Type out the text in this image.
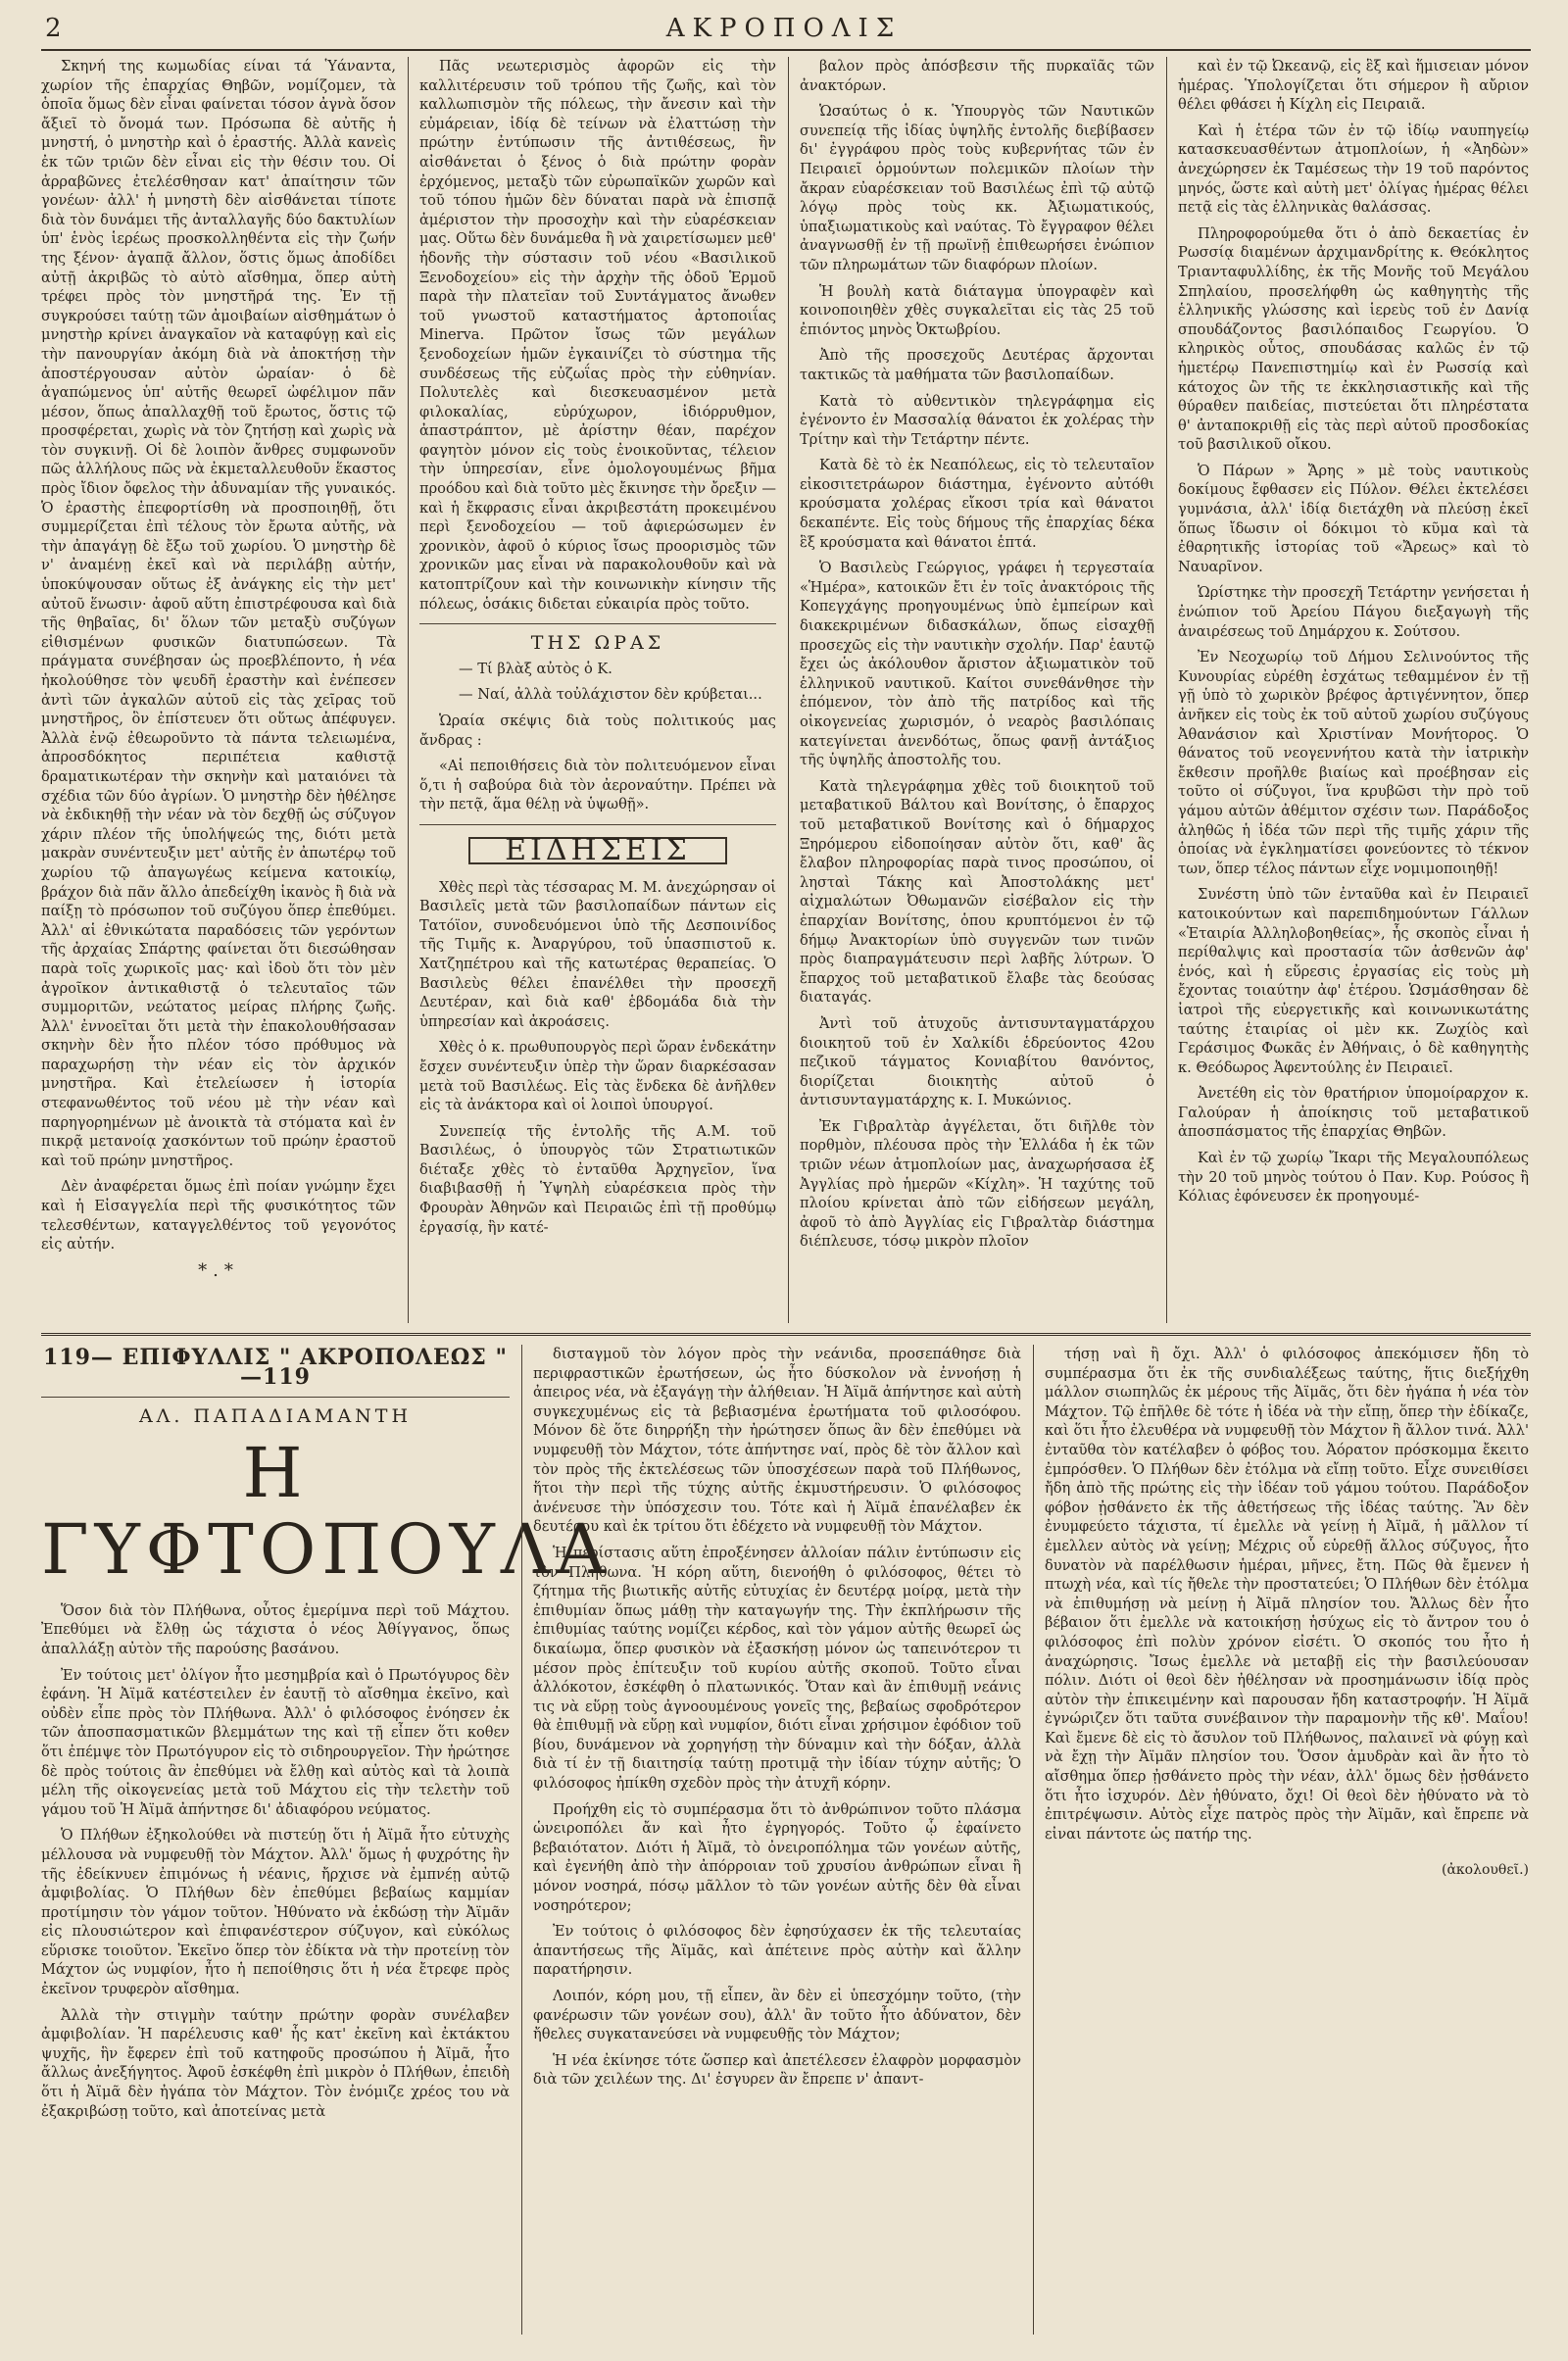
2	ΑΚΡΟΠΟΛΙΣ

Σκηνή της κωμωδίας είναι τά Ὑάναντα, χωρίον τῆς ἐπαρχίας Θηβῶν, νομίζομεν, τὰ ὁποῖα ὅμως δὲν εἶναι φαίνεται τόσον ἀγνὰ ὅσον ἄξιεῖ τὸ ὄνομά των. Πρόσωπα δὲ αὐτῆς ἡ μνηστή, ὁ μνηστὴρ καὶ ὁ ἐραστής. Ἀλλὰ κανεὶς ἐκ τῶν τριῶν δὲν εἶναι εἰς τὴν θέσιν του. Οἱ ἀρραβῶνες ἐτελέσθησαν κατ' ἀπαίτησιν τῶν γονέων· ἀλλ' ἡ μνηστὴ δὲν αἰσθάνεται τίποτε διὰ τὸν δυνάμει τῆς ἀνταλλαγῆς δύο δακτυλίων ὑπ' ἑνὸς ἱερέως προσκολληθέντα εἰς τὴν ζωήν της ξένον· ἀγαπᾷ ἄλλον, ὅστις ὅμως ἀποδίδει αὐτῇ ἀκριβῶς τὸ αὐτὸ αἴσθημα, ὅπερ αὐτὴ τρέφει πρὸς τὸν μνηστῆρά της. Ἐν τῇ συγκρούσει ταύτῃ τῶν ἀμοιβαίων αἰσθημάτων ὁ μνηστὴρ κρίνει ἀναγκαῖον νὰ καταφύγῃ καὶ εἰς τὴν πανουργίαν ἀκόμη διὰ νὰ ἀποκτήσῃ τὴν ἀποστέργουσαν αὐτὸν ὡραίαν· ὁ δὲ ἀγαπώμενος ὑπ' αὐτῆς θεωρεῖ ὠφέλιμον πᾶν μέσον, ὅπως ἀπαλλαχθῇ τοῦ ἔρωτος, ὅστις τῷ προσφέρεται, χωρὶς νὰ τὸν ζητήσῃ καὶ χωρὶς νὰ τὸν συγκινῇ. Οἱ δὲ λοιπὸν ἄνθρες συμφωνοῦν πῶς ἀλλήλους πῶς νὰ ἐκμεταλλευθοῦν ἕκαστος πρὸς ἴδιον ὄφελος τὴν ἀδυναμίαν τῆς γυναικός. Ὁ ἐραστὴς ἐπεφορτίσθη νὰ προσποιηθῇ, ὅτι συμμερίζεται ἐπὶ τέλους τὸν ἔρωτα αὐτῆς, νὰ τὴν ἀπαγάγῃ δὲ ἔξω τοῦ χωρίου. Ὁ μνηστὴρ δὲ ν' ἀναμένῃ ἐκεῖ καὶ νὰ περιλάβῃ αὐτήν, ὑποκύψουσαν οὕτως ἐξ ἀνάγκης εἰς τὴν μετ' αὐτοῦ ἕνωσιν· ἀφοῦ αὕτη ἐπιστρέφουσα καὶ διὰ τῆς θηβαῖας, δι' ὅλων τῶν μεταξὺ συζύγων εἰθισμένων φυσικῶν διατυπώσεων. Τὰ πράγματα συνέβησαν ὡς προεβλέποντο, ἡ νέα ἠκολούθησε τὸν ψευδῆ ἐραστὴν καὶ ἐνέπεσεν ἀντὶ τῶν ἀγκαλῶν αὐτοῦ εἰς τὰς χεῖρας τοῦ μνηστῆρος, ὃν ἐπίστευεν ὅτι οὕτως ἀπέφυγεν. Ἀλλὰ ἐνῷ ἐθεωροῦντο τὰ πάντα τελειωμένα, ἀπροσδόκητος περιπέτεια καθιστᾷ δραματικωτέραν τὴν σκηνὴν καὶ ματαιόνει τὰ σχέδια τῶν δύο ἀγρίων. Ὁ μνηστὴρ δὲν ἠθέλησε νὰ ἐκδικηθῇ τὴν νέαν νὰ τὸν δεχθῇ ὡς σύζυγον χάριν πλέον τῆς ὑπολήψεώς της, διότι μετὰ μακρὰν συνέντευξιν μετ' αὐτῆς ἐν ἀπωτέρῳ τοῦ χωρίου τῷ ἀπαγωγέως κείμενα κατοικίῳ, βράχον διὰ πᾶν ἄλλο ἀπεδείχθη ἱκανὸς ἢ διὰ νὰ παίξῃ τὸ πρόσωπον τοῦ συζύγου ὅπερ ἐπεθύμει. Ἀλλ' αἱ ἐθνικώτατα παραδόσεις τῶν γερόντων τῆς ἀρχαίας Σπάρτης φαίνεται ὅτι διεσώθησαν παρὰ τοῖς χωρικοῖς μας· καὶ ἰδοὺ ὅτι τὸν μὲν ἀγροῖκον ἀντικαθιστᾷ ὁ τελευταῖος τῶν συμμοριτῶν, νεώτατος μείρας πλήρης ζωῆς. Ἀλλ' ἐννοεῖται ὅτι μετὰ τὴν ἐπακολουθήσασαν σκηνὴν δὲν ἦτο πλέον τόσο πρόθυμος νὰ παραχωρήσῃ τὴν νέαν εἰς τὸν ἀρχικόν μνηστῆρα. Καὶ ἐτελείωσεν ἡ ἱστορία στεφανωθέντος τοῦ νέου μὲ τὴν νέαν καὶ παρηγορημένων μὲ ἀνοικτὰ τὰ στόματα καὶ ἐν πικρᾷ μετανοίᾳ χασκόντων τοῦ πρώην ἐραστοῦ καὶ τοῦ πρώην μνηστῆρος.

Δὲν ἀναφέρεται ὅμως ἐπὶ ποίαν γνώμην ἔχει καὶ ἡ Εἰσαγγελία περὶ τῆς φυσικότητος τῶν τελεσθέντων, καταγγελθέντος τοῦ γεγονότος εἰς αὐτήν.

*.*

Πᾶς νεωτερισμὸς ἀφορῶν εἰς τὴν καλλιτέρευσιν τοῦ τρόπου τῆς ζωῆς, καὶ τὸν καλλωπισμὸν τῆς πόλεως, τὴν ἄνεσιν καὶ τὴν εὐμάρειαν, ἰδίᾳ δὲ τείνων νὰ ἐλαττώσῃ τὴν πρώτην ἐντύπωσιν τῆς ἀντιθέσεως, ἣν αἰσθάνεται ὁ ξένος ὁ διὰ πρώτην φορὰν ἐρχόμενος, μεταξὺ τῶν εὐρωπαϊκῶν χωρῶν καὶ τοῦ τόπου ἡμῶν δὲν δύναται παρὰ νὰ ἐπισπᾷ ἀμέριστον τὴν προσοχὴν καὶ τὴν εὐαρέσκειαν μας. Οὕτω δὲν δυνάμεθα ἢ νὰ χαιρετίσωμεν μεθ' ἡδονῆς τὴν σύστασιν τοῦ νέου «Βασιλικοῦ Ξενοδοχείου» εἰς τὴν ἀρχὴν τῆς ὁδοῦ Ἑρμοῦ παρὰ τὴν πλατεῖαν τοῦ Συντάγματος ἄνωθεν τοῦ γνωστοῦ καταστήματος ἀρτοποιΐας Minerva. Πρῶτον ἴσως τῶν μεγάλων ξενοδοχείων ἡμῶν ἐγκαινίζει τὸ σύστημα τῆς συνδέσεως τῆς εὐζωΐας πρὸς τὴν εὐθηνίαν. Πολυτελὲς καὶ διεσκευασμένον μετὰ φιλοκαλίας, εὐρύχωρον, ἰδιόρρυθμον, ἀπαστράπτον, μὲ ἀρίστην θέαν, παρέχον φαγητὸν μόνον εἰς τοὺς ἐνοικοῦντας, τέλειον τὴν ὑπηρεσίαν, εἶνε ὁμολογουμένως βῆμα προόδου καὶ διὰ τοῦτο μὲς ἔκινησε τὴν ὄρεξιν — καὶ ἡ ἔκφρασις εἶναι ἀκριβεστάτη προκειμένου περὶ ξενοδοχείου — τοῦ ἀφιερώσωμεν ἐν χρονικὸν, ἀφοῦ ὁ κύριος ἴσως προορισμὸς τῶν χρονικῶν μας εἶναι νὰ παρακολουθοῦν καὶ νὰ κατοπτρίζουν καὶ τὴν κοινωνικὴν κίνησιν τῆς πόλεως, ὁσάκις διδεται εὐκαιρία πρὸς τοῦτο.

ΤΗΣ ΩΡΑΣ

— Τί βλὰξ αὐτὸς ὁ Κ.

— Ναί, ἀλλὰ τοὐλάχιστον δὲν κρύβεται...

Ὡραία σκέψις διὰ τοὺς πολιτικούς μας ἄνδρας :

«Αἱ πεποιθήσεις διὰ τὸν πολιτευόμενον εἶναι ὅ,τι ἡ σαβούρα διὰ τὸν ἀεροναύτην. Πρέπει νὰ τὴν πετᾷ, ἅμα θέλῃ νὰ ὑψωθῇ».

ΕΙΔΗΣΕΙΣ

Χθὲς περὶ τὰς τέσσαρας Μ. Μ. ἀνεχώρησαν οἱ Βασιλεῖς μετὰ τῶν βασιλοπαίδων πάντων εἰς Τατόϊον, συνοδευόμενοι ὑπὸ τῆς Δεσποινίδος τῆς Τιμῆς κ. Ἀναργύρου, τοῦ ὑπασπιστοῦ κ. Χατζηπέτρου καὶ τῆς κατωτέρας θεραπείας. Ὁ Βασιλεὺς θέλει ἐπανέλθει τὴν προσεχῆ Δευτέραν, καὶ διὰ καθ' ἑβδομάδα διὰ τὴν ὑπηρεσίαν καὶ ἀκροάσεις.

Χθὲς ὁ κ. πρωθυπουργὸς περὶ ὥραν ἑνδεκάτην ἔσχεν συνέντευξιν ὑπὲρ τὴν ὥραν διαρκέσασαν μετὰ τοῦ Βασιλέως. Εἰς τὰς ἕνδεκα δὲ ἀνῆλθεν εἰς τὰ ἀνάκτορα καὶ οἱ λοιποὶ ὑπουργοί.

Συνεπείᾳ τῆς ἐντολῆς τῆς Α.Μ. τοῦ Βασιλέως, ὁ ὑπουργὸς τῶν Στρατιωτικῶν διέταξε χθὲς τὸ ἐνταῦθα Ἀρχηγεῖον, ἵνα διαβιβασθῇ ἡ Ὑψηλὴ εὐαρέσκεια πρὸς τὴν Φρουρὰν Ἀθηνῶν καὶ Πειραιῶς ἐπὶ τῇ προθύμῳ ἐργασίᾳ, ἣν κατέ-

βαλον πρὸς ἀπόσβεσιν τῆς πυρκαϊᾶς τῶν ἀνακτόρων.

Ὡσαύτως ὁ κ. Ὑπουργὸς τῶν Ναυτικῶν συνεπείᾳ τῆς ἰδίας ὑψηλῆς ἐντολῆς διεβίβασεν δι' ἐγγράφου πρὸς τοὺς κυβερνήτας τῶν ἐν Πειραιεῖ ὁρμούντων πολεμικῶν πλοίων τὴν ἄκραν εὐαρέσκειαν τοῦ Βασιλέως ἐπὶ τῷ αὐτῷ λόγῳ πρὸς τοὺς κκ. Ἀξιωματικούς, ὑπαξιωματικοὺς καὶ ναύτας. Τὸ ἔγγραφον θέλει ἀναγνωσθῇ ἐν τῇ πρωϊνῇ ἐπιθεωρήσει ἐνώπιον τῶν πληρωμάτων τῶν διαφόρων πλοίων.

Ἡ βουλὴ κατὰ διάταγμα ὑπογραφὲν καὶ κοινοποιηθὲν χθὲς συγκαλεῖται εἰς τὰς 25 τοῦ ἐπιόντος μηνὸς Ὀκτωβρίου.

Ἀπὸ τῆς προσεχοῦς Δευτέρας ἄρχονται τακτικῶς τὰ μαθήματα τῶν βασιλοπαίδων.

Κατὰ τὸ αὐθεντικὸν τηλεγράφημα εἰς ἐγένοντο ἐν Μασσαλίᾳ θάνατοι ἐκ χολέρας τὴν Τρίτην καὶ τὴν Τετάρτην πέντε.

Κατὰ δὲ τὸ ἐκ Νεαπόλεως, εἰς τὸ τελευταῖον εἰκοσιτετράωρον διάστημα, ἐγένοντο αὐτόθι κρούσματα χολέρας εἴκοσι τρία καὶ θάνατοι δεκαπέντε. Εἰς τοὺς δήμους τῆς ἐπαρχίας δέκα ἓξ κρούσματα καὶ θάνατοι ἑπτά.

Ὁ Βασιλεὺς Γεώργιος, γράφει ἡ τεργεσταία «Ἡμέρα», κατοικῶν ἔτι ἐν τοῖς ἀνακτόροις τῆς Κοπεγχάγης προηγουμένως ὑπὸ ἐμπείρων καὶ διακεκριμένων διδασκάλων, ὅπως εἰσαχθῇ προσεχῶς εἰς τὴν ναυτικὴν σχολήν. Παρ' ἑαυτῷ ἔχει ὡς ἀκόλουθον ἄριστον ἀξιωματικὸν τοῦ ἑλληνικοῦ ναυτικοῦ. Καίτοι συνεθάνθησε τὴν ἑπόμενον, τὸν ἀπὸ τῆς πατρίδος καὶ τῆς οἰκογενείας χωρισμόν, ὁ νεαρὸς βασιλόπαις κατεγίνεται ἀνενδότως, ὅπως φανῇ ἀντάξιος τῆς ὑψηλῆς ἀποστολῆς του.

Κατὰ τηλεγράφημα χθὲς τοῦ διοικητοῦ τοῦ μεταβατικοῦ Βάλτου καὶ Βονίτσης, ὁ ἔπαρχος τοῦ μεταβατικοῦ Βονίτσης καὶ ὁ δήμαρχος Ξηρόμερου εἰδοποίησαν αὐτὸν ὅτι, καθ' ἃς ἔλαβον πληροφορίας παρὰ τινος προσώπου, οἱ λησταὶ Τάκης καὶ Ἀποστολάκης μετ' αἰχμαλώτων Ὀθωμανῶν εἰσέβαλον εἰς τὴν ἐπαρχίαν Βονίτσης, ὁπου κρυπτόμενοι ἐν τῷ δήμῳ Ἀνακτορίων ὑπὸ συγγενῶν των τινῶν πρὸς διαπραγμάτευσιν περὶ λαβῆς λύτρων. Ὁ ἔπαρχος τοῦ μεταβατικοῦ ἔλαβε τὰς δεούσας διαταγάς.

Ἀντὶ τοῦ ἀτυχοῦς ἀντισυνταγματάρχου διοικητοῦ τοῦ ἐν Χαλκίδι ἑδρεύοντος 42ου πεζικοῦ τάγματος Κονιαβίτου θανόντος, διορίζεται διοικητὴς αὐτοῦ ὁ ἀντισυνταγματάρχης κ. Ι. Μυκώνιος.

Ἐκ Γιβραλτὰρ ἀγγέλεται, ὅτι διῆλθε τὸν πορθμὸν, πλέουσα πρὸς τὴν Ἑλλάδα ἡ ἐκ τῶν τριῶν νέων ἀτμοπλοίων μας, ἀναχωρήσασα ἐξ Ἀγγλίας πρὸ ἡμερῶν «Κίχλη». Ἡ ταχύτης τοῦ πλοίου κρίνεται ἀπὸ τῶν εἰδήσεων μεγάλη, ἀφοῦ τὸ ἀπὸ Ἀγγλίας εἰς Γιβραλτὰρ διάστημα διέπλευσε, τόσῳ μικρὸν πλοῖον

καὶ ἐν τῷ Ὠκεανῷ, εἰς ἓξ καὶ ἥμισειαν μόνον ἡμέρας. Ὑπολογίζεται ὅτι σήμερον ἢ αὔριον θέλει φθάσει ἡ Κίχλη εἰς Πειραιᾶ.

Καὶ ἡ ἑτέρα τῶν ἐν τῷ ἰδίῳ ναυπηγείῳ κατασκευασθέντων ἀτμοπλοίων, ἡ «Ἀηδὼν» ἀνεχώρησεν ἐκ Ταμέσεως τὴν 19 τοῦ παρόντος μηνός, ὥστε καὶ αὐτὴ μετ' ὀλίγας ἡμέρας θέλει πετᾷ εἰς τὰς ἑλληνικὰς θαλάσσας.

Πληροφορούμεθα ὅτι ὁ ἀπὸ δεκαετίας ἐν Ρωσσίᾳ διαμένων ἀρχιμανδρίτης κ. Θεόκλητος Τριανταφυλλίδης, ἐκ τῆς Μονῆς τοῦ Μεγάλου Σπηλαίου, προσελήφθη ὡς καθηγητὴς τῆς ἑλληνικῆς γλώσσης καὶ ἱερεὺς τοῦ ἐν Δανίᾳ σπουδάζοντος βασιλόπαιδος Γεωργίου. Ὁ κληρικὸς οὗτος, σπουδάσας καλῶς ἐν τῷ ἡμετέρῳ Πανεπιστημίῳ καὶ ἐν Ρωσσίᾳ καὶ κάτοχος ὢν τῆς τε ἐκκλησιαστικῆς καὶ τῆς θύραθεν παιδείας, πιστεύεται ὅτι πληρέστατα θ' ἀνταποκριθῇ εἰς τὰς περὶ αὐτοῦ προσδοκίας τοῦ βασιλικοῦ οἴκου.

Ὁ Πάρων » Ἄρης » μὲ τοὺς ναυτικοὺς δοκίμους ἔφθασεν εἰς Πύλον. Θέλει ἐκτελέσει γυμνάσια, ἀλλ' ἰδίᾳ διετάχθη νὰ πλεύσῃ ἐκεῖ ὅπως ἴδωσιν οἱ δόκιμοι τὸ κῦμα καὶ τὰ ἐθαρητικῆς ἱστορίας τοῦ «Ἄρεως» καὶ τὸ Ναυαρῖνον.

Ὡρίστηκε τὴν προσεχῆ Τετάρτην γενήσεται ἡ ἐνώπιον τοῦ Ἀρείου Πάγου διεξαγωγὴ τῆς ἀναιρέσεως τοῦ Δημάρχου κ. Σούτσου.

Ἐν Νεοχωρίῳ τοῦ Δήμου Σελινούντος τῆς Κυνουρίας εὑρέθη ἐσχάτως τεθαμμένον ἐν τῇ γῇ ὑπὸ τὸ χωρικὸν βρέφος ἀρτιγέννητον, ὅπερ ἀνῆκεν εἰς τοὺς ἐκ τοῦ αὐτοῦ χωρίου συζύγους Ἀθανάσιον καὶ Χριστίναν Μονήτορος. Ὁ θάνατος τοῦ νεογεννήτου κατὰ τὴν ἰατρικὴν ἔκθεσιν προῆλθε βιαίως καὶ προέβησαν εἰς τοῦτο οἱ σύζυγοι, ἵνα κρυβῶσι τὴν πρὸ τοῦ γάμου αὐτῶν ἀθέμιτον σχέσιν των. Παράδοξος ἀληθῶς ἡ ἰδέα τῶν περὶ τῆς τιμῆς χάριν τῆς ὁποίας νὰ ἐγκληματίσει φονεύοντες τὸ τέκνον των, ὅπερ τέλος πάντων εἶχε νομιμοποιηθῇ!

Συνέστη ὑπὸ τῶν ἐνταῦθα καὶ ἐν Πειραιεῖ κατοικούντων καὶ παρεπιδημούντων Γάλλων «Ἑταιρία Ἀλληλοβοηθείας», ἧς σκοπὸς εἶναι ἡ περίθαλψις καὶ προστασία τῶν ἀσθενῶν ἀφ' ἑνός, καὶ ἡ εὕρεσις ἐργασίας εἰς τοὺς μὴ ἔχοντας τοιαύτην ἀφ' ἑτέρου. Ὡσμάσθησαν δὲ ἰατροὶ τῆς εὐεργετικῆς καὶ κοινωνικωτάτης ταύτης ἑταιρίας οἱ μὲν κκ. Ζωχίὸς καὶ Γεράσιμος Φωκᾶς ἐν Ἀθήναις, ὁ δὲ καθηγητὴς κ. Θεόδωρος Ἀφεντούλης ἐν Πειραιεῖ.

Ἀνετέθη εἰς τὸν θρατήριον ὑπομοίραρχον κ. Γαλούραν ἡ ἀποίκησις τοῦ μεταβατικοῦ ἀποσπάσματος τῆς ἐπαρχίας Θηβῶν.

Καὶ ἐν τῷ χωρίῳ Ἴκαρι τῆς Μεγαλουπόλεως τὴν 20 τοῦ μηνὸς τούτου ὁ Παν. Κυρ. Ρούσος ἢ Κόλιας ἐφόνευσεν ἐκ προηγουμέ-

119— ΕΠΙΦΥΛΛΙΣ " ΑΚΡΟΠΟΛΕΩΣ " —119
ΑΛ. ΠΑΠΑΔΙΑΜΑΝΤΗ
Η ΓΥΦΤΟΠΟΥΛΑ

Ὅσον διὰ τὸν Πλήθωνα, οὗτος ἐμερίμνα περὶ τοῦ Μάχτου. Ἐπεθύμει νὰ ἔλθῃ ὡς τάχιστα ὁ νέος Ἀθίγγανος, ὅπως ἀπαλλάξῃ αὐτὸν τῆς παρούσης βασάνου.

Ἐν τούτοις μετ' ὀλίγον ἦτο μεσημβρία καὶ ὁ Πρωτόγυρος δὲν ἐφάνη. Ἡ Ἀϊμᾶ κατέστειλεν ἐν ἑαυτῇ τὸ αἴσθημα ἐκεῖνο, καὶ οὐδὲν εἶπε πρὸς τὸν Πλήθωνα. Ἀλλ' ὁ φιλόσοφος ἐνόησεν ἐκ τῶν ἀποσπασματικῶν βλεμμάτων της καὶ τῇ εἶπεν ὅτι κοθεν ὅτι ἐπέμψε τὸν Πρωτόγυρον εἰς τὸ σιδηρουργεῖον. Τὴν ἠρώτησε δὲ πρὸς τούτοις ἂν ἐπεθύμει νὰ ἔλθῃ καὶ αὐτὸς καὶ τὰ λοιπὰ μέλη τῆς οἰκογενείας μετὰ τοῦ Μάχτου εἰς τὴν τελετὴν τοῦ γάμου τοῦ Ἡ Ἀϊμᾶ ἀπήντησε δι' ἀδιαφόρου νεύματος.

Ὁ Πλήθων ἐξηκολούθει νὰ πιστεύῃ ὅτι ἡ Ἀϊμᾶ ἦτο εὐτυχὴς μέλλουσα νὰ νυμφευθῇ τὸν Μάχτον. Ἀλλ' ὅμως ἡ φυχρότης ἣν τῆς ἐδείκνυεν ἐπιμόνως ἡ νέανις, ἤρχισε νὰ ἐμπνέῃ αὐτῷ ἀμφιβολίας. Ὁ Πλήθων δὲν ἐπεθύμει βεβαίως καμμίαν προτίμησιν τὸν γάμον τοῦτον. Ἠθύνατο νὰ ἐκδώσῃ τὴν Ἀϊμᾶν εἰς πλουσιώτερον καὶ ἐπιφανέστερον σύζυγον, καὶ εὐκόλως εὕρισκε τοιοῦτον. Ἐκεῖνο ὅπερ τὸν ἐδίκτα νὰ τὴν προτείνῃ τὸν Μάχτον ὡς νυμφίον, ἦτο ἡ πεποίθησις ὅτι ἡ νέα ἔτρεφε πρὸς ἐκεῖνον τρυφερὸν αἴσθημα.

Ἀλλὰ τὴν στιγμὴν ταύτην πρώτην φορὰν συνέλαβεν ἀμφιβολίαν. Ἡ παρέλευσις καθ' ἧς κατ' ἐκεῖνη καὶ ἐκτάκτου ψυχῆς, ἣν ἔφερεν ἐπὶ τοῦ κατηφοῦς προσώπου ἡ Ἀϊμᾶ, ἦτο ἄλλως ἀνεξήγητος. Ἀφοῦ ἐσκέφθη ἐπὶ μικρὸν ὁ Πλήθων, ἐπειδὴ ὅτι ἡ Ἀϊμᾶ δὲν ἠγάπα τὸν Μάχτον. Τὸν ἐνόμιζε χρέος του νὰ ἐξακριβώσῃ τοῦτο, καὶ ἀποτείνας μετὰ

δισταγμοῦ τὸν λόγον πρὸς τὴν νεάνιδα, προσεπάθησε διὰ περιφραστικῶν ἐρωτήσεων, ὡς ἦτο δύσκολον νὰ ἐννοήσῃ ἡ ἀπειρος νέα, νὰ ἐξαγάγῃ τὴν ἀλήθειαν. Ἡ Ἀϊμᾶ ἀπήντησε καὶ αὐτὴ συγκεχυμένως εἰς τὰ βεβιασμένα ἐρωτήματα τοῦ φιλοσόφου. Μόνον δὲ ὅτε διηρρήξη τὴν ἠρώτησεν ὅπως ἂν δὲν ἐπεθύμει νὰ νυμφευθῇ τὸν Μάχτον, τότε ἀπήντησε ναί, πρὸς δὲ τὸν ἄλλον καὶ τὸν πρὸς τῆς ἐκτελέσεως τῶν ὑποσχέσεων παρὰ τοῦ Πλήθωνος, ἥτοι τὴν περὶ τῆς τύχης αὐτῆς ἐκμυστήρευσιν. Ὁ φιλόσοφος ἀνένευσε τὴν ὑπόσχεσιν του. Τότε καὶ ἡ Ἀϊμᾶ ἐπανέλαβεν ἐκ δευτέρου καὶ ἐκ τρίτου ὅτι ἐδέχετο νὰ νυμφευθῇ τὸν Μάχτον.

Ἡ περίστασις αὕτη ἐπροξένησεν ἀλλοίαν πάλιν ἐντύπωσιν εἰς τὸν Πλήθωνα. Ἡ κόρη αὕτη, διενοήθη ὁ φιλόσοφος, θέτει τὸ ζήτημα τῆς βιωτικῆς αὐτῆς εὐτυχίας ἐν δευτέρᾳ μοίρᾳ, μετὰ τὴν ἐπιθυμίαν ὅπως μάθῃ τὴν καταγωγήν της. Τὴν ἐκπλήρωσιν τῆς ἐπιθυμίας ταύτης νομίζει κέρδος, καὶ τὸν γάμον αὐτῆς θεωρεῖ ὡς δικαίωμα, ὅπερ φυσικὸν νὰ ἐξασκήσῃ μόνον ὡς ταπεινότερον τι μέσον πρὸς ἐπίτευξιν τοῦ κυρίου αὐτῆς σκοποῦ. Τοῦτο εἶναι ἀλλόκοτον, ἐσκέφθη ὁ πλατωνικός. Ὅταν καὶ ἂν ἐπιθυμῇ νεάνις τις νὰ εὕρῃ τοὺς ἀγνοουμένους γονεῖς της, βεβαίως σφοδρότερον θὰ ἐπιθυμῇ νὰ εὕρῃ καὶ νυμφίον, διότι εἶναι χρήσιμον ἐφόδιον τοῦ βίου, δυνάμενον νὰ χορηγήσῃ τὴν δύναμιν καὶ τὴν δόξαν, ἀλλὰ διὰ τί ἐν τῇ διαιτησίᾳ ταύτῃ προτιμᾷ τὴν ἰδίαν τύχην αὐτῆς; Ὁ φιλόσοφος ἠπίκθη σχεδὸν πρὸς τὴν ἀτυχῆ κόρην.

Προήχθη εἰς τὸ συμπέρασμα ὅτι τὸ ἀνθρώπινον τοῦτο πλάσμα ὡνειροπόλει ἄν καὶ ἦτο ἐγρηγορός. Τοῦτο ᾧ ἐφαίνετο βεβαιότατον. Διότι ἡ Ἀϊμᾶ, τὸ ὀνειροπόλημα τῶν γονέων αὐτῆς, καὶ ἐγενήθη ἀπὸ τὴν ἀπόρροιαν τοῦ χρυσίου ἀνθρώπων εἶναι ἢ μόνον νοσηρά, πόσῳ μᾶλλον τὸ τῶν γονέων αὐτῆς δὲν θὰ εἶναι νοσηρότερον;

Ἐν τούτοις ὁ φιλόσοφος δὲν ἐφησύχασεν ἐκ τῆς τελευταίας ἀπαντήσεως τῆς Ἀϊμᾶς, καὶ ἀπέτεινε πρὸς αὐτὴν καὶ ἄλλην παρατήρησιν.

Λοιπόν, κόρη μου, τῇ εἶπεν, ἂν δὲν εἰ ὑπεσχόμην τοῦτο, (τὴν φανέρωσιν τῶν γονέων σου), ἀλλ' ἂν τοῦτο ἦτο ἀδύνατον, δὲν ἤθελες συγκατανεύσει νὰ νυμφευθῇς τὸν Μάχτον;

Ἡ νέα ἐκίνησε τότε ὥσπερ καὶ ἀπετέλεσεν ἐλαφρὸν μορφασμὸν διὰ τῶν χειλέων της. Δι' ἐσγυρεν ἂν ἔπρεπε ν' ἀπαντ-

τήσῃ ναὶ ἢ ὄχι. Ἀλλ' ὁ φιλόσοφος ἀπεκόμισεν ἤδη τὸ συμπέρασμα ὅτι ἐκ τῆς συνδιαλέξεως ταύτης, ἥτις διεξήχθη μάλλον σιωπηλῶς ἐκ μέρους τῆς Ἀϊμᾶς, ὅτι δὲν ἠγάπα ἡ νέα τὸν Μάχτον. Τῷ ἐπῆλθε δὲ τότε ἡ ἰδέα νὰ τὴν εἴπῃ, ὅπερ τὴν ἐδίκαζε, καὶ ὅτι ἦτο ἐλευθέρα νὰ νυμφευθῇ τὸν Μάχτον ἢ ἄλλον τινά. Ἀλλ' ἐνταῦθα τὸν κατέλαβεν ὁ φόβος του. Ἀόρατον πρόσκομμα ἔκειτο ἐμπρόσθεν. Ὁ Πλήθων δὲν ἐτόλμα νὰ εἴπῃ τοῦτο. Εἶχε συνειθίσει ἤδη ἀπὸ τῆς πρώτης εἰς τὴν ἰδέαν τοῦ γάμου τούτου. Παράδοξον φόβον ᾐσθάνετο ἐκ τῆς ἀθετήσεως τῆς ἰδέας ταύτης. Ἂν δὲν ἐνυμφεύετο τάχιστα, τί ἐμελλε νὰ γείνῃ ἡ Ἀϊμᾶ, ἡ μᾶλλον τί ἐμελλεν αὐτὸς νὰ γείνῃ; Μέχρις οὗ εὑρεθῇ ἄλλος σύζυγος, ἦτο δυνατὸν νὰ παρέλθωσιν ἡμέραι, μῆνες, ἔτη. Πῶς θὰ ἔμενεν ἡ πτωχὴ νέα, καὶ τίς ἤθελε τὴν προστατεύει; Ὁ Πλήθων δὲν ἐτόλμα νὰ ἐπιθυμήσῃ νὰ μείνῃ ἡ Ἀϊμᾶ πλησίον του. Ἄλλως δὲν ἦτο βέβαιον ὅτι ἐμελλε νὰ κατοικήσῃ ἡσύχως εἰς τὸ ἄντρον του ὁ φιλόσοφος ἐπὶ πολὺν χρόνον εἰσέτι. Ὁ σκοπός του ἦτο ἡ ἀναχώρησις. Ἴσως ἐμελλε νὰ μεταβῇ εἰς τὴν βασιλεύουσαν πόλιν. Διότι οἱ θεοὶ δὲν ἠθέλησαν νὰ προσημάνωσιν ἰδίᾳ πρὸς αὐτὸν τὴν ἐπικειμένην καὶ παρουσαν ἤδη καταστροφήν. Ἡ Ἀϊμᾶ ἐγνώριζεν ὅτι ταῦτα συνέβαινον τὴν παραμονὴν τῆς κθ'. Μαΐου! Καὶ ἔμενε δὲ εἰς τὸ ἄσυλον τοῦ Πλήθωνος, παλαινεῖ νὰ φύγῃ καὶ νὰ ἔχῃ τὴν Ἀϊμᾶν πλησίον του. Ὅσον ἀμυδρὰν καὶ ἂν ἦτο τὸ αἴσθημα ὅπερ ᾐσθάνετο πρὸς τὴν νέαν, ἀλλ' ὅμως δὲν ᾐσθάνετο ὅτι ἦτο ἰσχυρόν. Δὲν ἠθύνατο, ὄχι! Οἱ θεοὶ δὲν ἠθύνατο νὰ τὸ ἐπιτρέψωσιν. Αὐτὸς εἶχε πατρὸς πρὸς τὴν Ἀϊμᾶν, καὶ ἔπρεπε νὰ εἰναι πάντοτε ὡς πατήρ της.

(ἀκολουθεῖ.)
